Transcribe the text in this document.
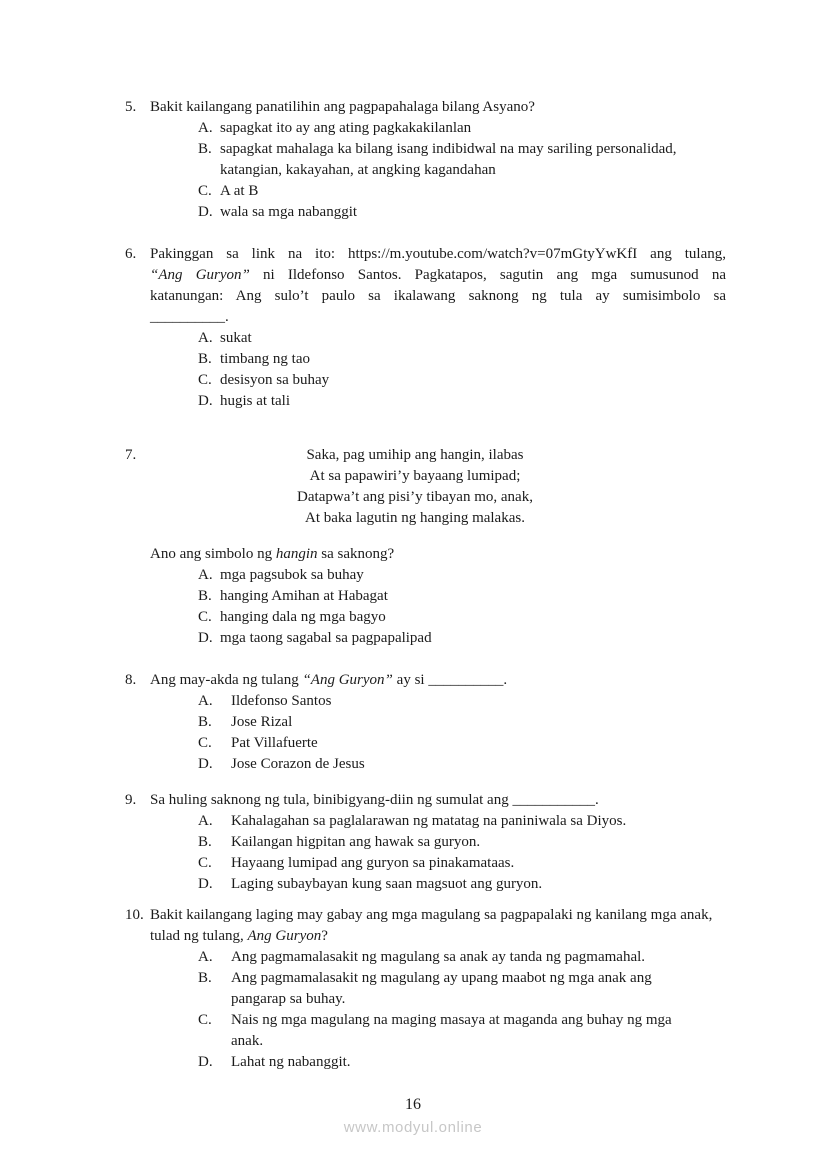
5. Bakit kailangang panatilihin ang pagpapahalaga bilang Asyano?
A. sapagkat ito ay ang ating pagkakakilanlan
B. sapagkat mahalaga ka bilang isang indibidwal na may sariling personalidad,
katangian, kakayahan, at angking kagandahan
C. A at B
D. wala sa mga nabanggit
6. Pakinggan sa link na ito: https://m.youtube.com/watch?v=07mGtyYwKfI ang tulang,
“Ang Guryon” ni Ildefonso Santos. Pagkatapos, sagutin ang mga sumusunod na
katanungan: Ang sulo’t paulo sa ikalawang saknong ng tula ay sumisimbolo sa
__________.
A. sukat
B. timbang ng tao
C. desisyon sa buhay
D. hugis at tali
7.	Saka, pag umihip ang hangin, ilabas
At sa papawiri’y bayaang lumipad;
Datapwa’t ang pisi’y tibayan mo, anak,
At baka lagutin ng hanging malakas.
Ano ang simbolo ng hangin sa saknong?
A. mga pagsubok sa buhay
B. hanging Amihan at Habagat
C. hanging dala ng mga bagyo
D. mga taong sagabal sa pagpapalipad
8. Ang may-akda ng tulang “Ang Guryon” ay si __________.
A.	Ildefonso Santos
B.	Jose Rizal
C.	Pat Villafuerte
D.	Jose Corazon de Jesus
9. Sa huling saknong ng tula, binibigyang-diin ng sumulat ang ___________.
A.	Kahalagahan sa paglalarawan ng matatag na paniniwala sa Diyos.
B.	Kailangan higpitan ang hawak sa guryon.
C.	Hayaang lumipad ang guryon sa pinakamataas.
D.	Laging subaybayan kung saan magsuot ang guryon.
10. Bakit kailangang laging may gabay ang mga magulang sa pagpapalaki ng kanilang mga anak, tulad ng tulang, Ang Guryon?
A.	Ang pagmamalasakit ng magulang sa anak ay tanda ng pagmamahal.
B.	Ang pagmamalasakit ng magulang ay upang maabot ng mga anak ang
pangarap sa buhay.
C.	Nais ng mga magulang na maging masaya at maganda ang buhay ng mga
anak.
D.	Lahat ng nabanggit.
16
www.modyul.online
